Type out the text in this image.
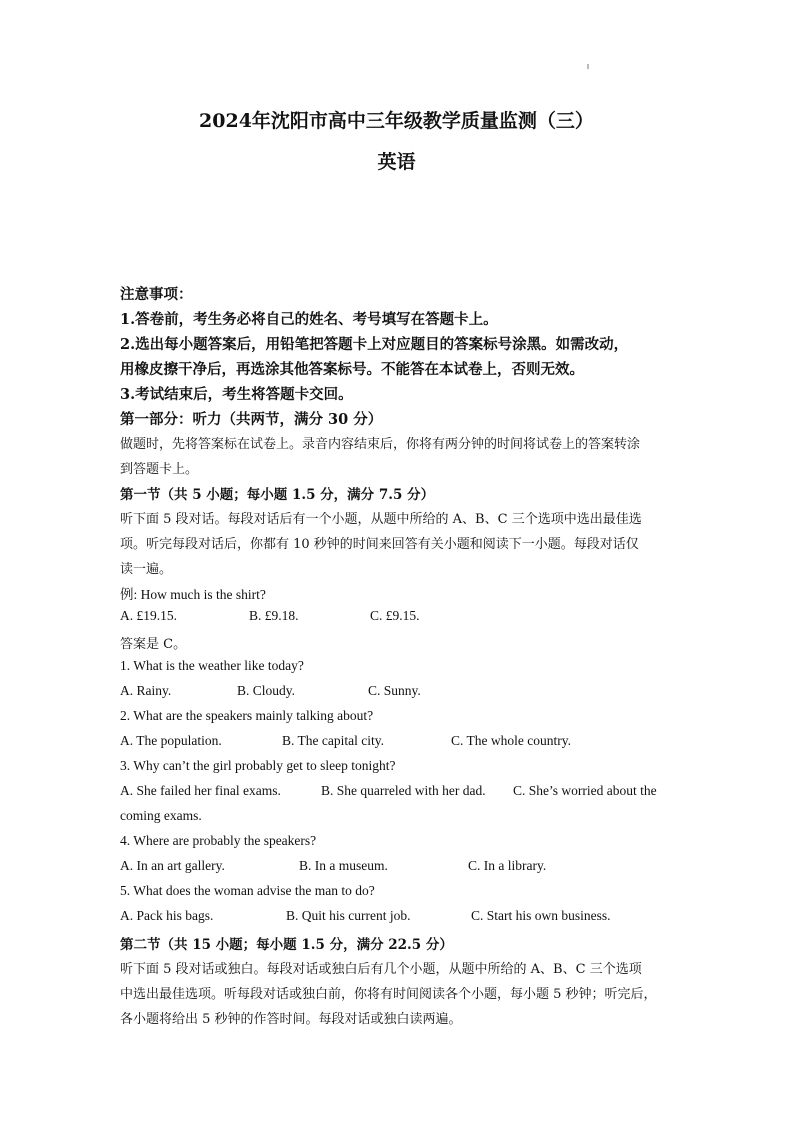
2024年沈阳市高中三年级教学质量监测（三）
英语
注意事项：
1.答卷前，考生务必将自己的姓名、考号填写在答题卡上。
2.选出每小题答案后，用铅笔把答题卡上对应题目的答案标号涂黑。如需改动，
用橡皮擦干净后，再选涂其他答案标号。不能答在本试卷上，否则无效。
3.考试结束后，考生将答题卡交回。
第一部分：听力（共两节，满分 30 分）
做题时，先将答案标在试卷上。录音内容结束后，你将有两分钟的时间将试卷上的答案转涂
到答题卡上。
第一节（共 5 小题；每小题 1.5 分，满分 7.5 分）
听下面 5 段对话。每段对话后有一个小题，从题中所给的 A、B、C 三个选项中选出最佳选
项。听完每段对话后，你都有 10 秒钟的时间来回答有关小题和阅读下一小题。每段对话仅
读一遍。
例: How much is the shirt?
A. £19.15.	B. £9.18.	C. £9.15.
答案是 C。
1. What is the weather like today?
A. Rainy.	B. Cloudy.	C. Sunny.
2. What are the speakers mainly talking about?
A. The population.	B. The capital city.	C. The whole country.
3. Why can’t the girl probably get to sleep tonight?
A. She failed her final exams.	B. She quarreled with her dad. C. She’s worried about the
coming exams.
4. Where are probably the speakers?
A. In an art gallery.	B. In a museum.	C. In a library.
5. What does the woman advise the man to do?
A. Pack his bags.	B. Quit his current job.	C. Start his own business.
第二节（共 15 小题；每小题 1.5 分，满分 22.5 分）
听下面 5 段对话或独白。每段对话或独白后有几个小题，从题中所给的 A、B、C 三个选项
中选出最佳选项。听每段对话或独白前，你将有时间阅读各个小题，每小题 5 秒钟；听完后，
各小题将给出 5 秒钟的作答时间。每段对话或独白读两遍。
